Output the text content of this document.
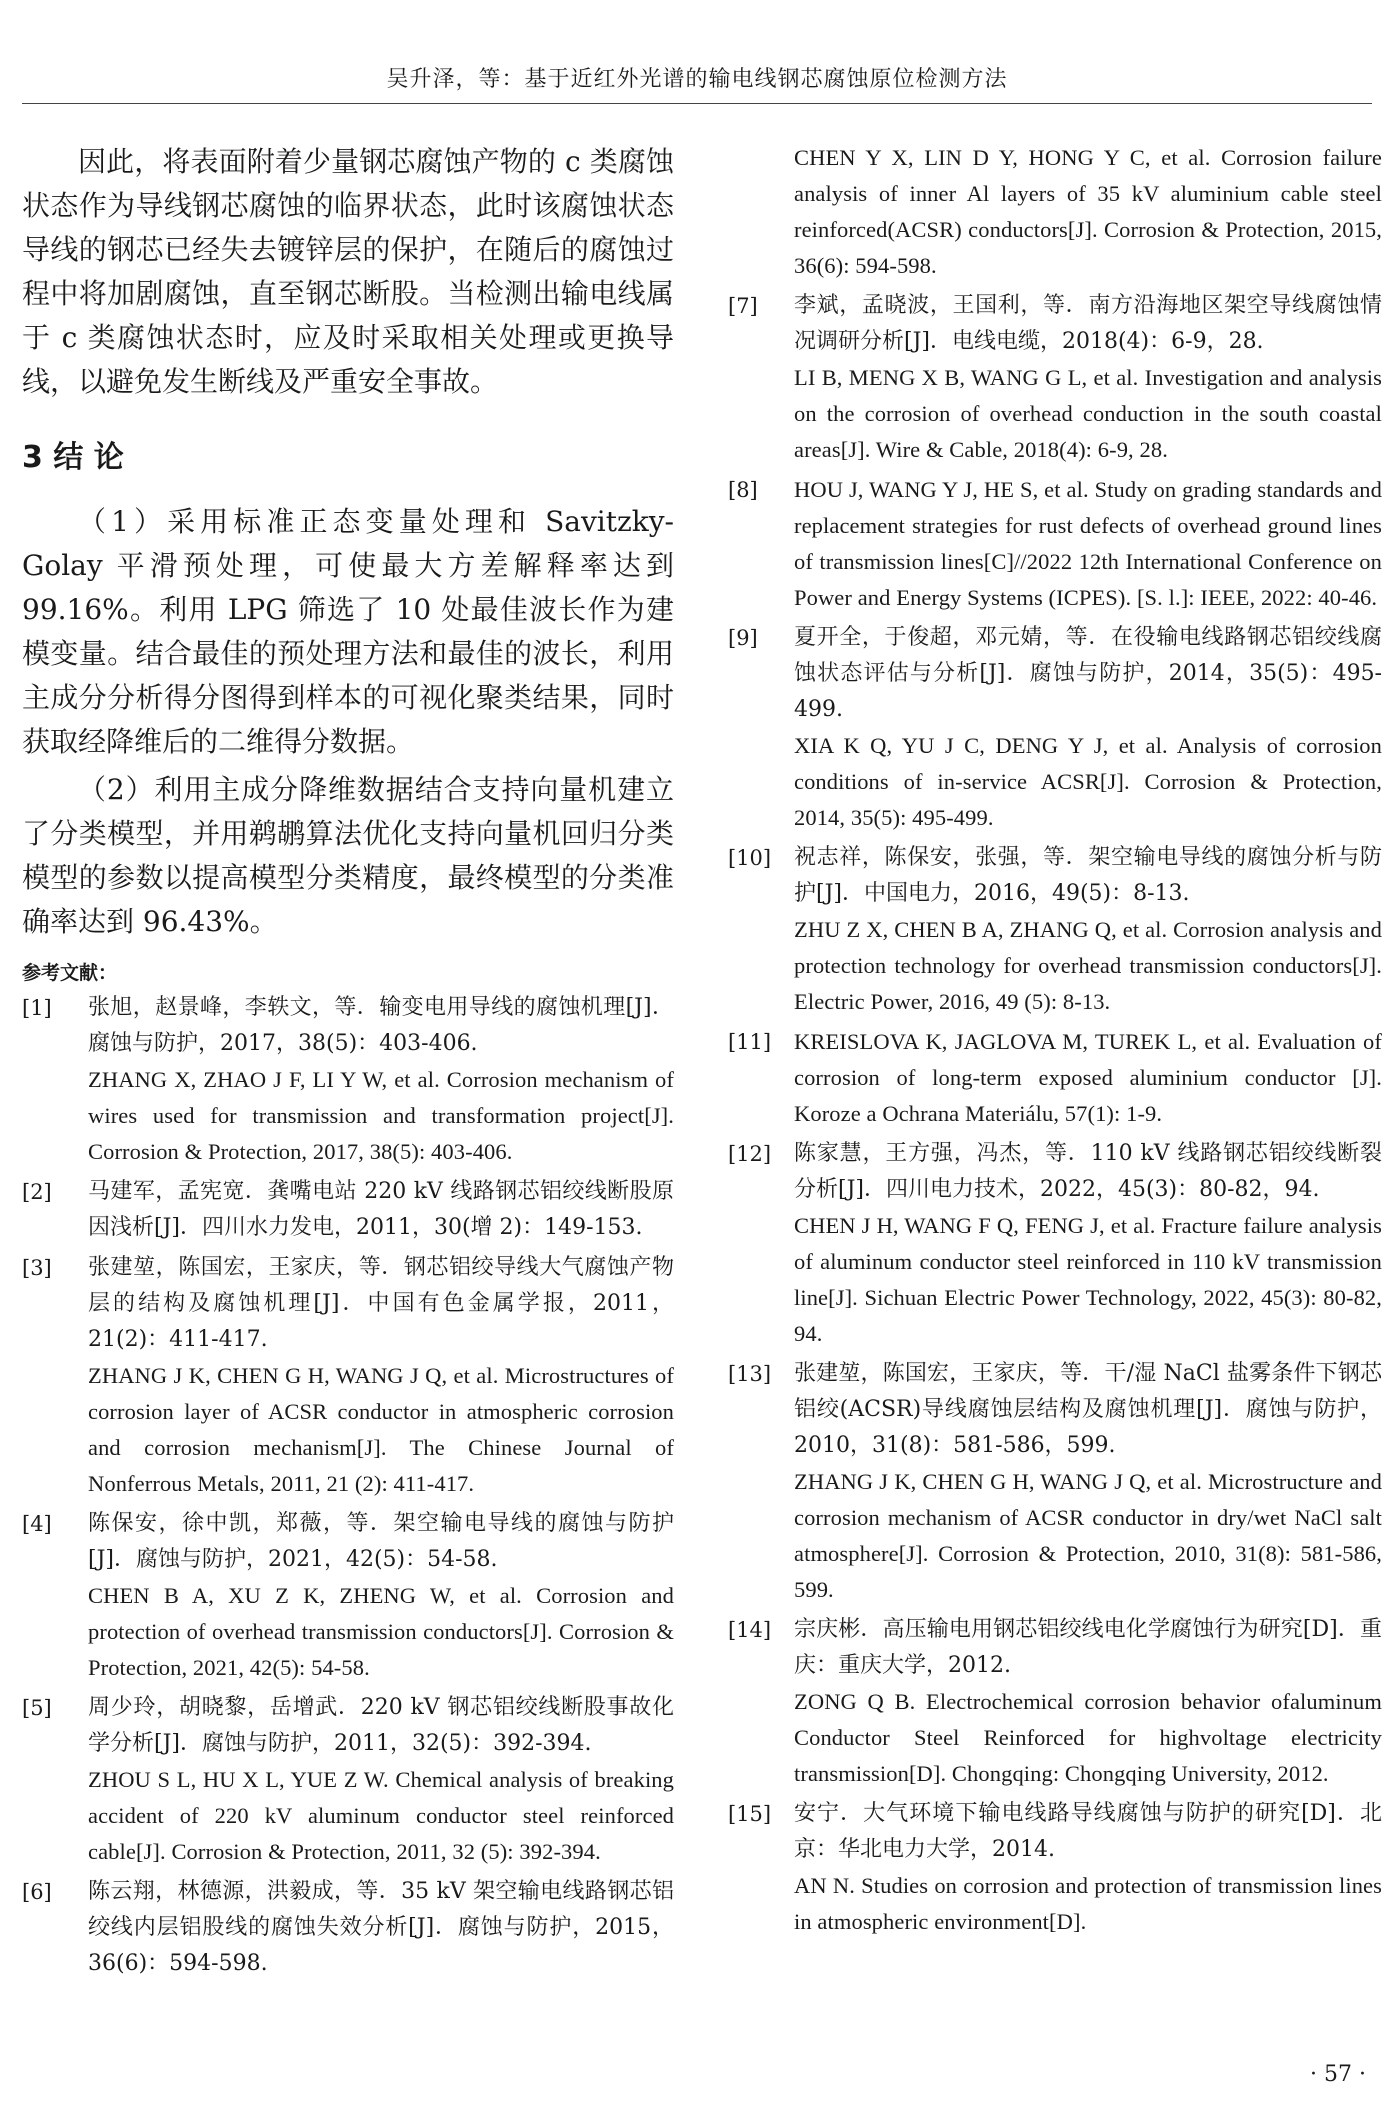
吴升泽，等：基于近红外光谱的输电线钢芯腐蚀原位检测方法

因此，将表面附着少量钢芯腐蚀产物的 c 类腐蚀状态作为导线钢芯腐蚀的临界状态，此时该腐蚀状态导线的钢芯已经失去镀锌层的保护，在随后的腐蚀过程中将加剧腐蚀，直至钢芯断股。当检测出输电线属于 c 类腐蚀状态时，应及时采取相关处理或更换导线，以避免发生断线及严重安全事故。

3 结 论

（1）采用标准正态变量处理和 Savitzky-Golay 平滑预处理，可使最大方差解释率达到 99.16%。利用 LPG 筛选了 10 处最佳波长作为建模变量。结合最佳的预处理方法和最佳的波长，利用主成分分析得分图得到样本的可视化聚类结果，同时获取经降维后的二维得分数据。

（2）利用主成分降维数据结合支持向量机建立了分类模型，并用鹈鹕算法优化支持向量机回归分类模型的参数以提高模型分类精度，最终模型的分类准确率达到 96.43%。

参考文献：
[1] 张旭，赵景峰，李轶文，等．输变电用导线的腐蚀机理[J]．腐蚀与防护，2017，38(5)：403-406.
ZHANG X, ZHAO J F, LI Y W, et al. Corrosion mechanism of wires used for transmission and transformation project[J]. Corrosion & Protection, 2017, 38(5): 403-406.
[2] 马建军，孟宪宽．龚嘴电站 220 kV 线路钢芯铝绞线断股原因浅析[J]．四川水力发电，2011，30(增 2)：149-153.
[3] 张建堃，陈国宏，王家庆，等．钢芯铝绞导线大气腐蚀产物层的结构及腐蚀机理[J]．中国有色金属学报，2011，21(2)：411-417.
ZHANG J K, CHEN G H, WANG J Q, et al. Microstructures of corrosion layer of ACSR conductor in atmospheric corrosion and corrosion mechanism[J]. The Chinese Journal of Nonferrous Metals, 2011, 21 (2): 411-417.
[4] 陈保安，徐中凯，郑薇，等．架空输电导线的腐蚀与防护[J]．腐蚀与防护，2021，42(5)：54-58.
CHEN B A, XU Z K, ZHENG W, et al. Corrosion and protection of overhead transmission conductors[J]. Corrosion & Protection, 2021, 42(5): 54-58.
[5] 周少玲，胡晓黎，岳增武．220 kV 钢芯铝绞线断股事故化学分析[J]．腐蚀与防护，2011，32(5)：392-394.
ZHOU S L, HU X L, YUE Z W. Chemical analysis of breaking accident of 220 kV aluminum conductor steel reinforced cable[J]. Corrosion & Protection, 2011, 32 (5): 392-394.
[6] 陈云翔，林德源，洪毅成，等．35 kV 架空输电线路钢芯铝绞线内层铝股线的腐蚀失效分析[J]．腐蚀与防护，2015，36(6)：594-598.
CHEN Y X, LIN D Y, HONG Y C, et al. Corrosion failure analysis of inner Al layers of 35 kV aluminium cable steel reinforced(ACSR) conductors[J]. Corrosion & Protection, 2015, 36(6): 594-598.
[7] 李斌，孟晓波，王国利，等．南方沿海地区架空导线腐蚀情况调研分析[J]．电线电缆，2018(4)：6-9，28.
LI B, MENG X B, WANG G L, et al. Investigation and analysis on the corrosion of overhead conduction in the south coastal areas[J]. Wire & Cable, 2018(4): 6-9, 28.
[8] HOU J, WANG Y J, HE S, et al. Study on grading standards and replacement strategies for rust defects of overhead ground lines of transmission lines[C]//2022 12th International Conference on Power and Energy Systems (ICPES). [S. l.]: IEEE, 2022: 40-46.
[9] 夏开全，于俊超，邓元婧，等．在役输电线路钢芯铝绞线腐蚀状态评估与分析[J]．腐蚀与防护，2014，35(5)：495-499.
XIA K Q, YU J C, DENG Y J, et al. Analysis of corrosion conditions of in-service ACSR[J]. Corrosion & Protection, 2014, 35(5): 495-499.
[10] 祝志祥，陈保安，张强，等．架空输电导线的腐蚀分析与防护[J]．中国电力，2016，49(5)：8-13.
ZHU Z X, CHEN B A, ZHANG Q, et al. Corrosion analysis and protection technology for overhead transmission conductors[J]. Electric Power, 2016, 49 (5): 8-13.
[11] KREISLOVA K, JAGLOVA M, TUREK L, et al. Evaluation of corrosion of long-term exposed aluminium conductor [J]. Koroze a Ochrana Materiálu, 57(1): 1-9.
[12] 陈家慧，王方强，冯杰，等．110 kV 线路钢芯铝绞线断裂分析[J]．四川电力技术，2022，45(3)：80-82，94.
CHEN J H, WANG F Q, FENG J, et al. Fracture failure analysis of aluminum conductor steel reinforced in 110 kV transmission line[J]. Sichuan Electric Power Technology, 2022, 45(3): 80-82, 94.
[13] 张建堃，陈国宏，王家庆，等．干/湿 NaCl 盐雾条件下钢芯铝绞(ACSR)导线腐蚀层结构及腐蚀机理[J]．腐蚀与防护，2010，31(8)：581-586，599.
ZHANG J K, CHEN G H, WANG J Q, et al. Microstructure and corrosion mechanism of ACSR conductor in dry/wet NaCl salt atmosphere[J]. Corrosion & Protection, 2010, 31(8): 581-586, 599.
[14] 宗庆彬．高压输电用钢芯铝绞线电化学腐蚀行为研究[D]．重庆：重庆大学，2012.
ZONG Q B. Electrochemical corrosion behavior ofaluminum Conductor Steel Reinforced for highvoltage electricity transmission[D]. Chongqing: Chongqing University, 2012.
[15] 安宁．大气环境下输电线路导线腐蚀与防护的研究[D]．北京：华北电力大学，2014.
AN N. Studies on corrosion and protection of transmission lines in atmospheric environment[D].
· 57 ·
